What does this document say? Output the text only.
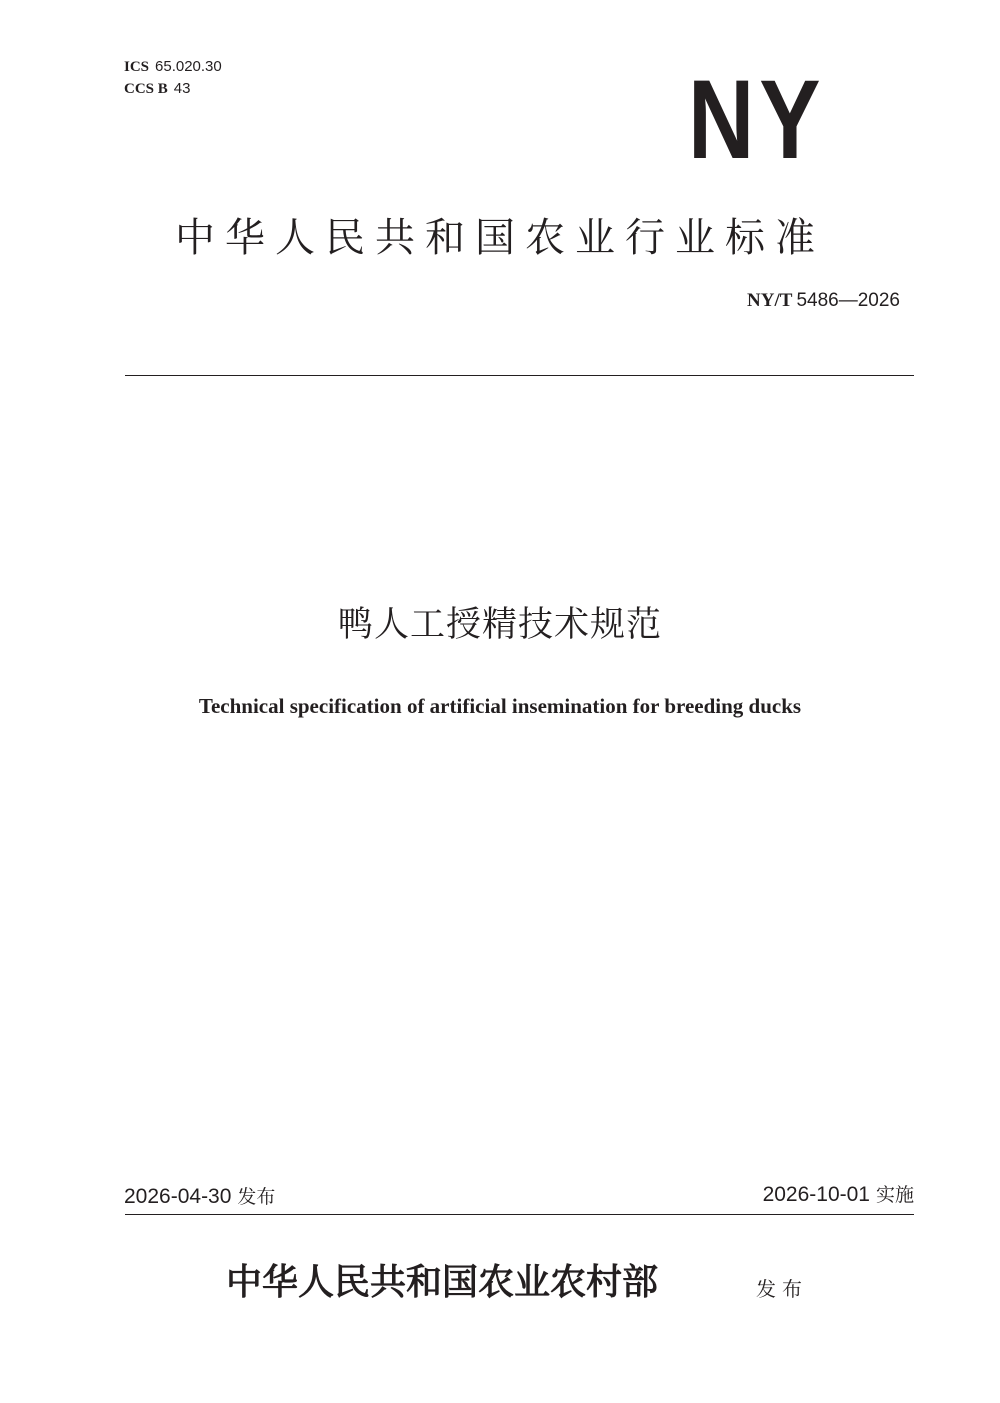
ICS 65.020.30
CCS B 43	NY
中华人民共和国农业行业标准
NY/T 5486—2026
鸭人工授精技术规范
Technical specification of artificial insemination for breeding ducks
2026-04-30 发布	2026-10-01 实施
中华人民共和国农业农村部	发布
